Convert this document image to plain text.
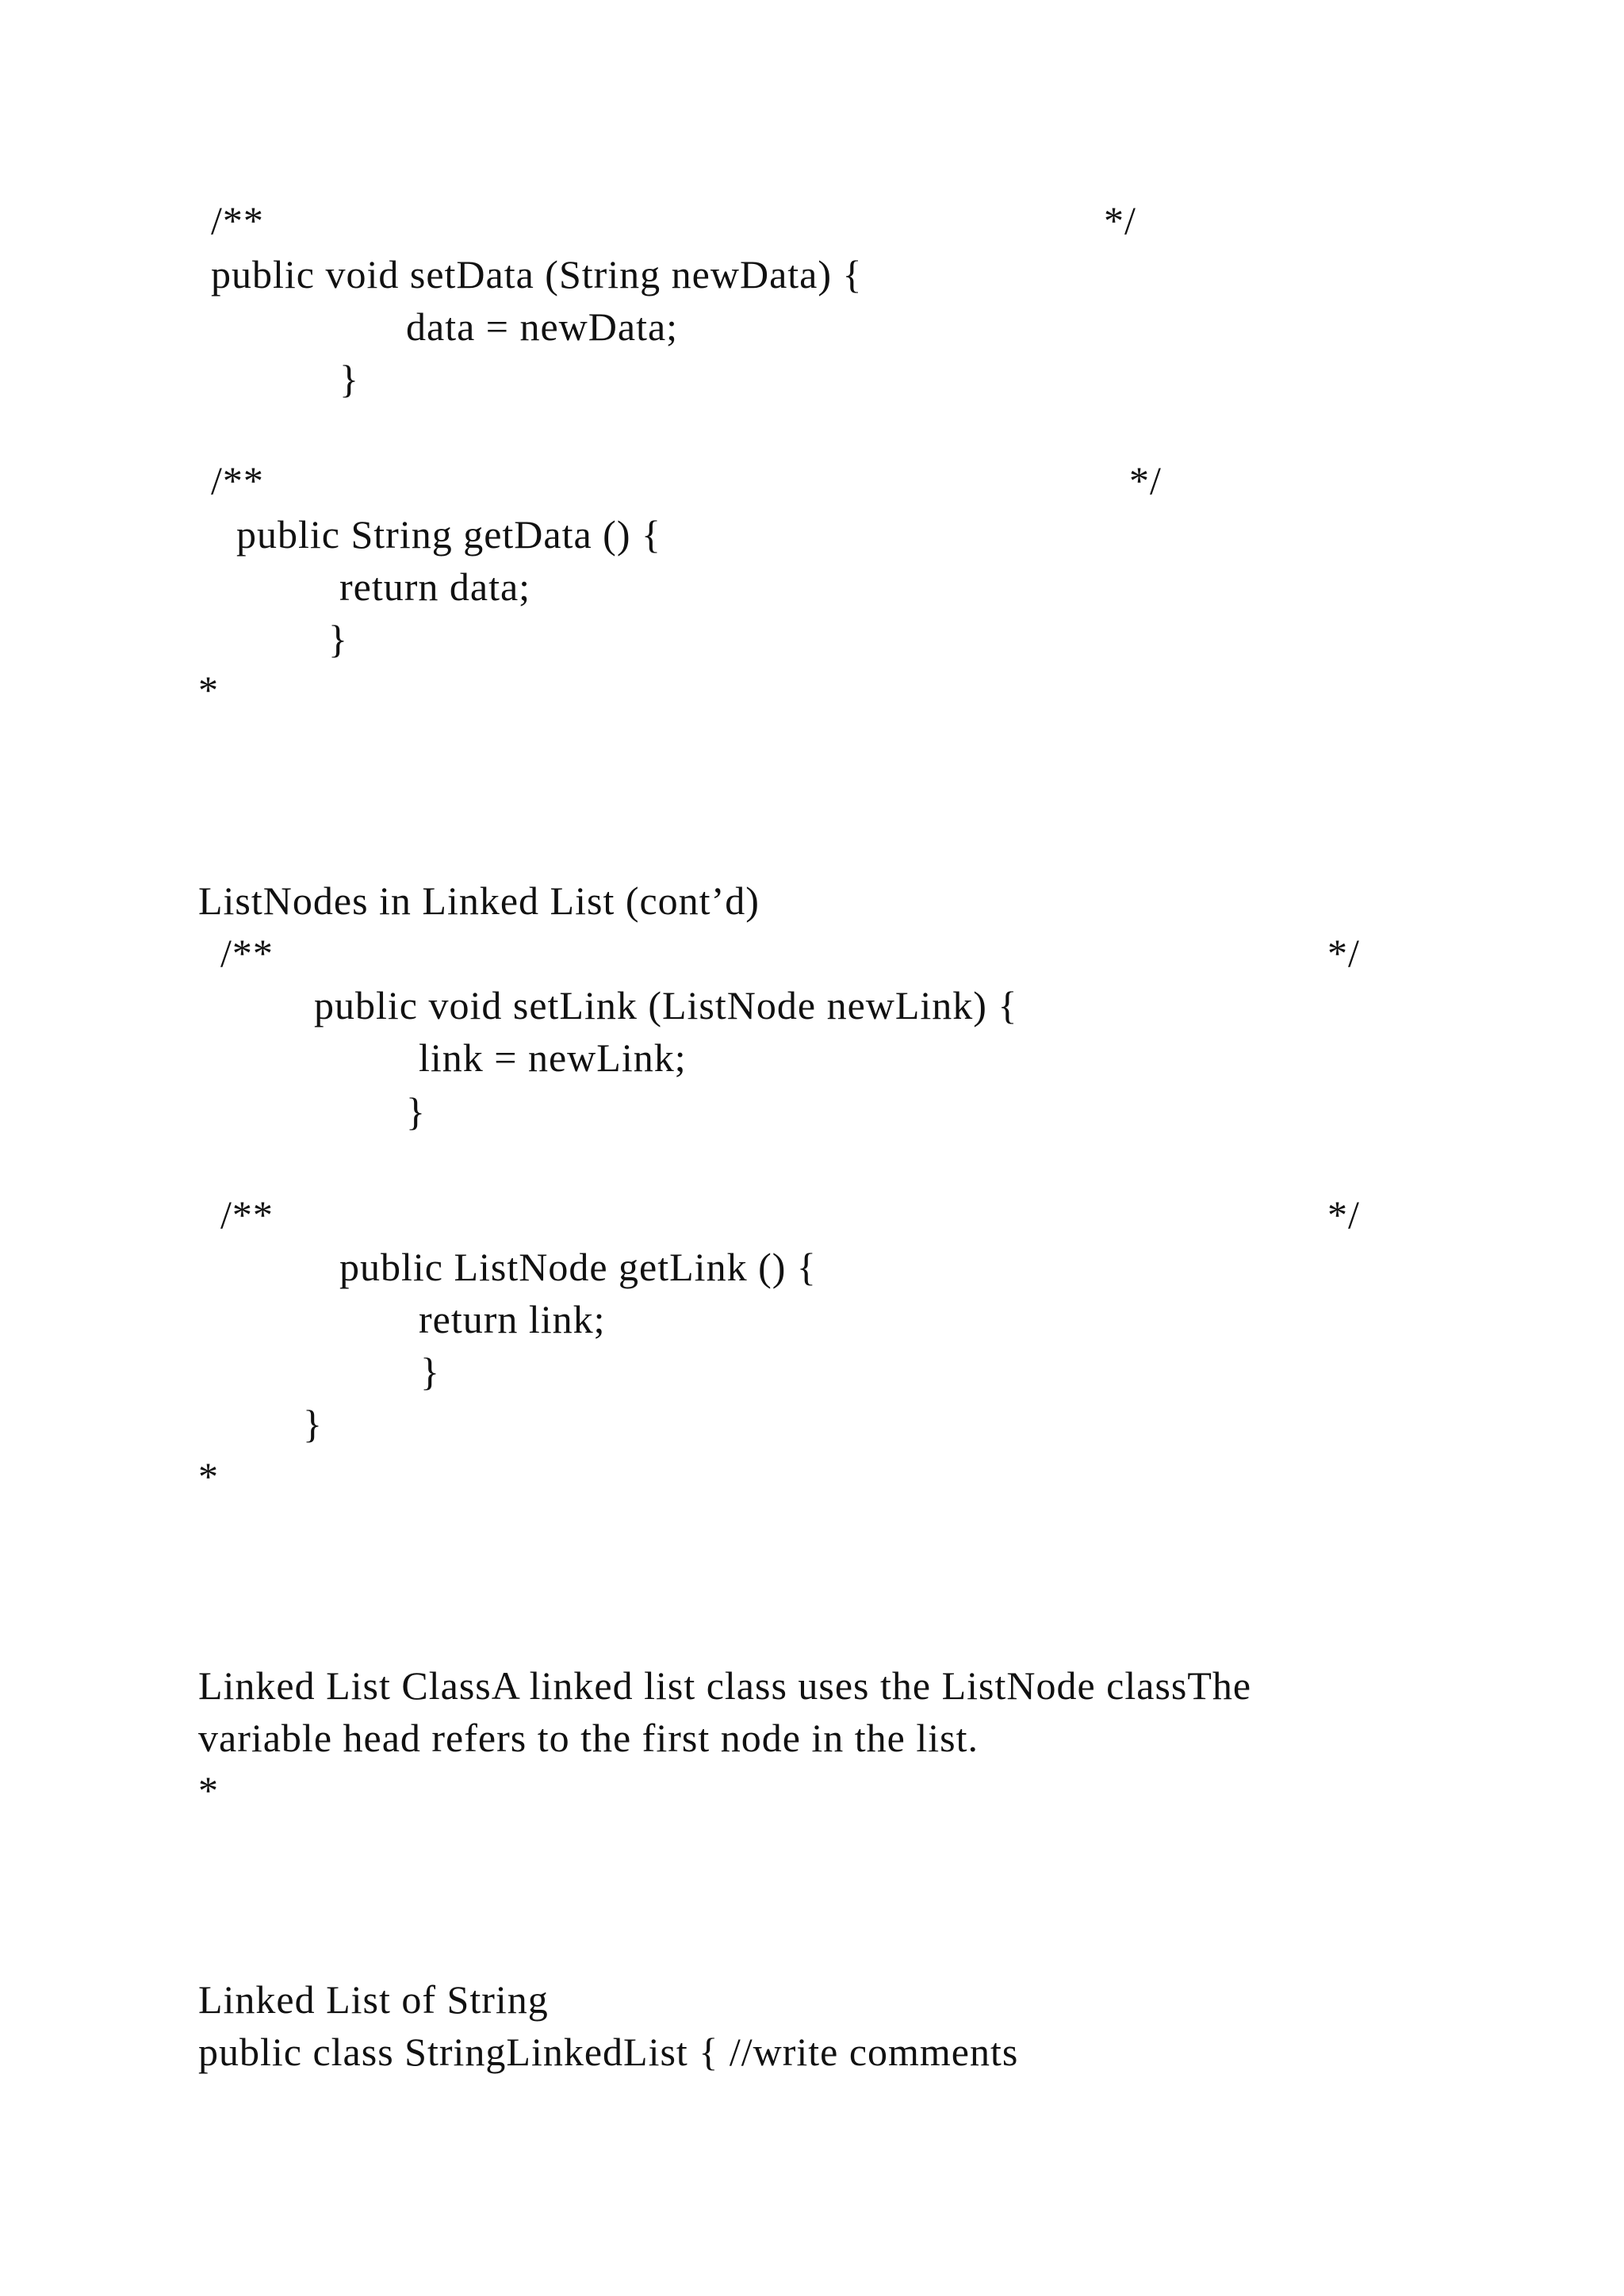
/**	*/
public void setData (String newData) {
data = newData;
}
/**	*/
public String getData () {
return data;
}
*
ListNodes in Linked List (cont’d)
/**	*/
public void setLink (ListNode newLink) {
link = newLink;
}
/**	*/
public ListNode getLink () {
return link;
}
}
*
Linked List ClassA linked list class uses the ListNode classThe
variable head refers to the first node in the list.
*
Linked List of String
public class StringLinkedList { //write comments
